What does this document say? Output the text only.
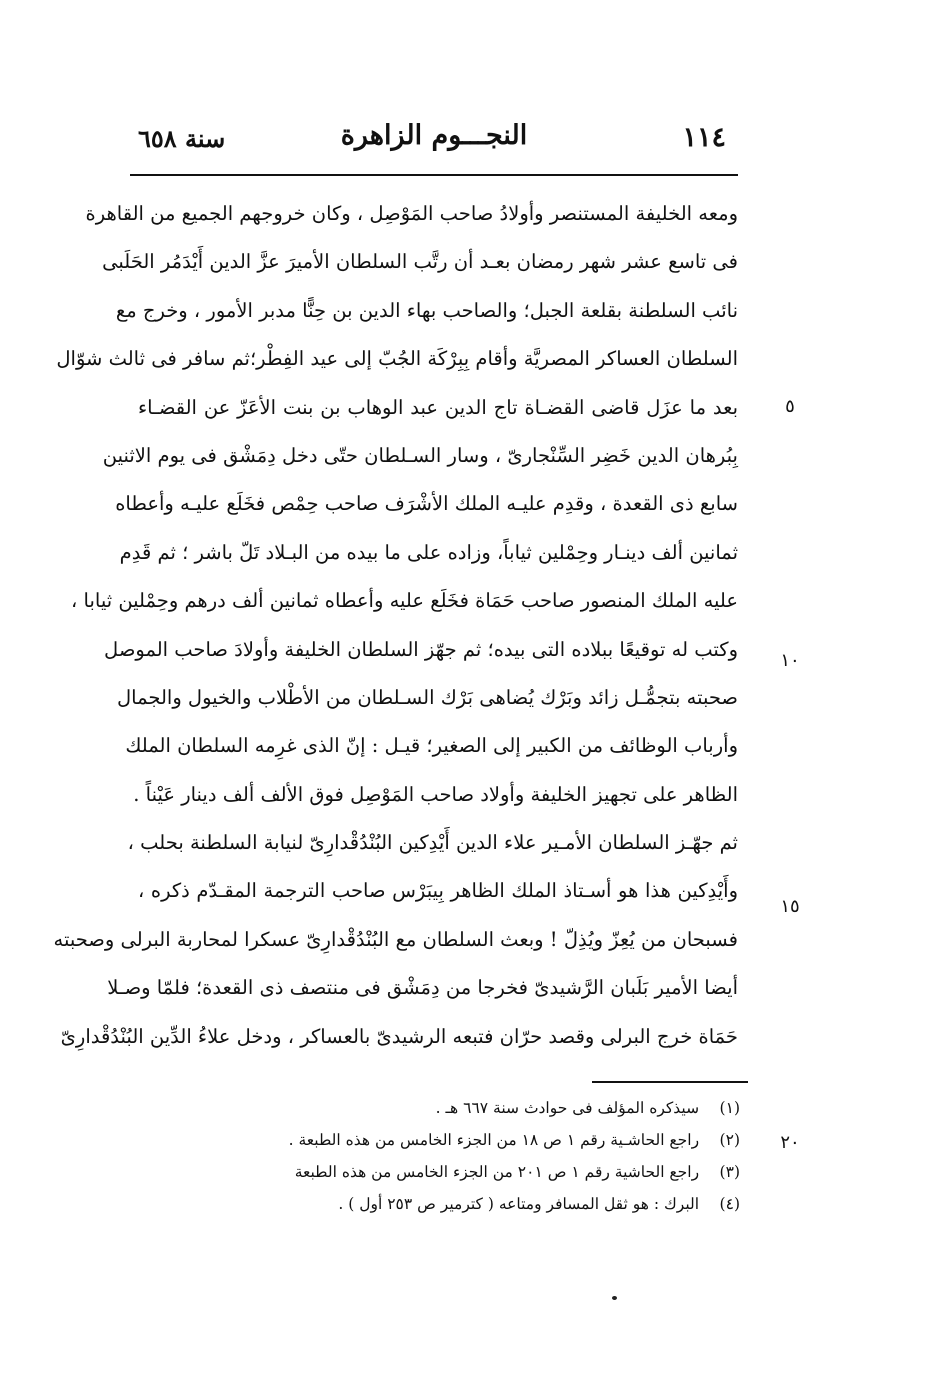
١١٤
النجـــوم الزاهرة
سنة ٦٥٨
ومعه الخليفة المستنصر وأولادُ صاحب المَوْصِل ، وكان خروجهم الجميع من القاهرة
فى تاسع عشر شهر رمضان بعـد أن رتَّب السلطان الأميرَ عزَّ الدين أَيْدَمُر الحَلَبى
نائب السلطنة بقلعة الجبل؛ والصاحب بهاء الدين بن حِنًّا مدبر الأمور ، وخرج مع
السلطان العساكر المصريَّة وأقام بِبِرْكَة الجُبّ إلى عيد الفِطْر؛ثم سافر فى ثالث شوّال
بعد ما عزَل قاضى القضـاة تاج الدين عبد الوهاب بن بنت الأعَزّ عن القضـاء
بِبُرهان الدين خَضِر السِّنْجارىّ ، وسار السـلطان حتّى دخل دِمَشْق فى يوم الاثنين
سابع ذى القعدة ، وقدِم عليـه الملك الأشْرَف صاحب حِمْص فخَلَع عليـه وأعطاه
ثمانين ألف دينـار وحِمْلين ثياباً، وزاده على ما بيده من البـلاد تَلّ باشر ؛ ثم قَدِم
عليه الملك المنصور صاحب حَمَاة فخَلَع عليه وأعطاه ثمانين ألف درهم وحِمْلين ثيابا ،
وكتب له توقيعًا ببلاده التى بيده؛ ثم جهّز السلطان الخليفة وأولادَ صاحب الموصل
صحبته بتجمُّـل زائد وبَرْك يُضاهى بَرْك السـلطان من الأطْلاب والخيول والجمال
وأرباب الوظائف من الكبير إلى الصغير؛ قيـل : إنّ الذى غرِمه السلطان الملك
الظاهر على تجهيز الخليفة وأولاد صاحب المَوْصِل فوق الألف ألف دينار عَيْناً .
ثم جهّـز السلطان الأمـير علاء الدين أَيْدِكين البُنْدُقْدارِىّ لنيابة السلطنة بحلب ،
وأَيْدِكين هذا هو أسـتاذ الملك الظاهر بِيبَرْس صاحب الترجمة المقـدّم ذكره ،
فسبحان من يُعِزّ ويُذِلّ ! وبعث السلطان مع البُنْدُقْدارِىّ عسكرا لمحاربة البرلى وصحبته
أيضا الأمير بَلَبان الرَّشيدىّ فخرجا من دِمَشْق فى منتصف ذى القعدة؛ فلمّا وصـلا
حَمَاة خرج البرلى وقصد حرّان فتبعه الرشيدىّ بالعساكر ، ودخل علاءُ الدِّين البُنْدُقْدارِىّ
٥
١٠
١٥
٢٠
(١) سيذكره المؤلف فى حوادث سنة ٦٦٧ هـ .
(٢) راجع الحاشـية رقم ١ ص ١٨ من الجزء الخامس من هذه الطبعة .
(٣) راجع الحاشية رقم ١ ص ٢٠١ من الجزء الخامس من هذه الطبعة
(٤) البرك : هو ثقل المسافر ومتاعه ( كترمير ص ٢٥٣ أول ) .
